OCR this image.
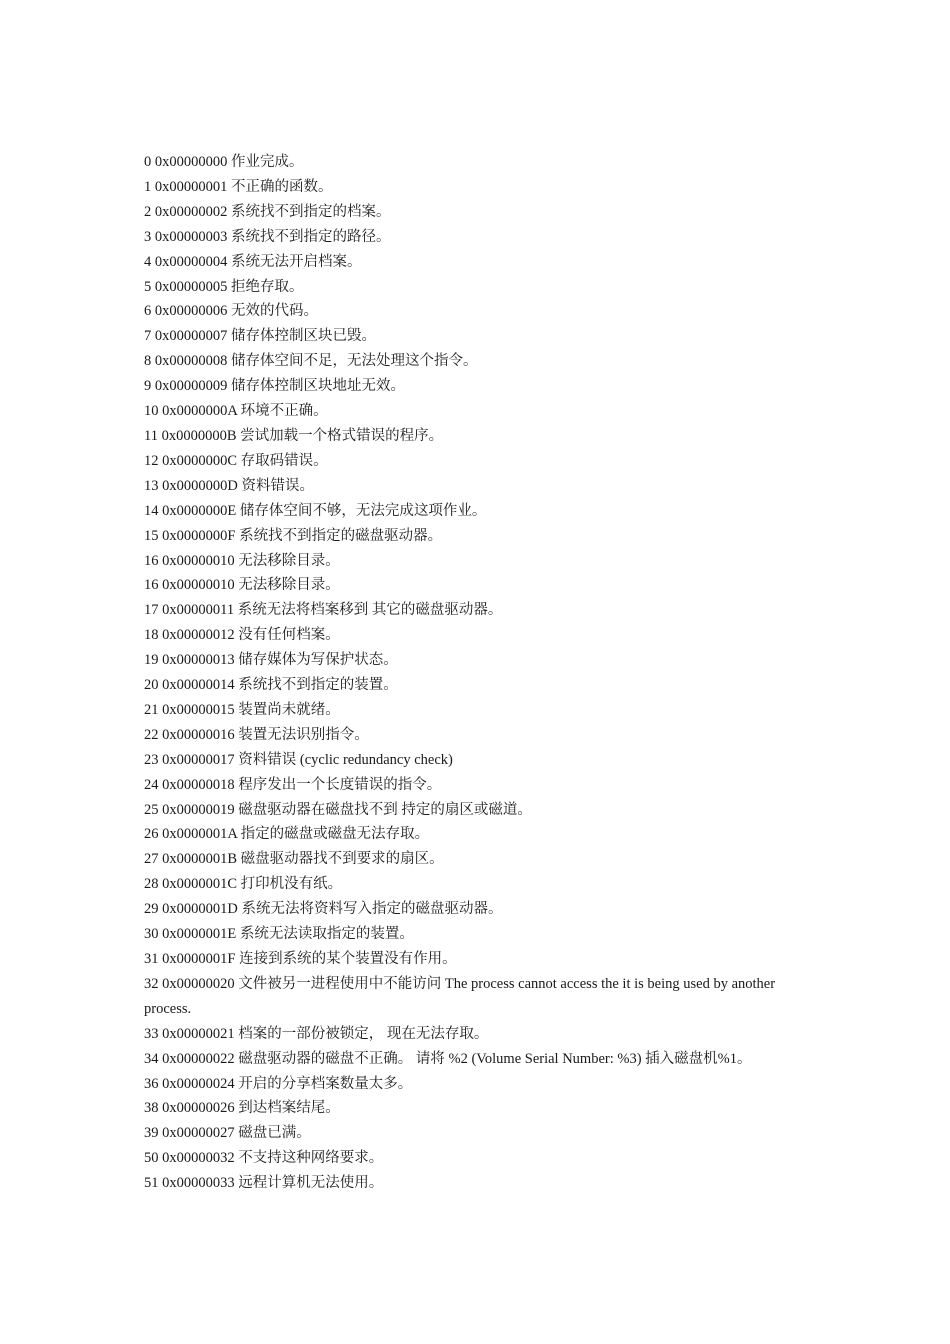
0 0x00000000 作业完成。

1 0x00000001 不正确的函数。

2 0x00000002 系统找不到指定的档案。

3 0x00000003 系统找不到指定的路径。

4 0x00000004 系统无法开启档案。

5 0x00000005 拒绝存取。

6 0x00000006 无效的代码。

7 0x00000007 储存体控制区块已毁。

8 0x00000008 储存体空间不足，无法处理这个指令。

9 0x00000009 储存体控制区块地址无效。

10 0x0000000A 环境不正确。

11 0x0000000B 尝试加载一个格式错误的程序。

12 0x0000000C 存取码错误。

13 0x0000000D 资料错误。

14 0x0000000E 储存体空间不够，无法完成这项作业。

15 0x0000000F 系统找不到指定的磁盘驱动器。

16 0x00000010 无法移除目录。

16 0x00000010 无法移除目录。

17 0x00000011 系统无法将档案移到 其它的磁盘驱动器。

18 0x00000012 没有任何档案。

19 0x00000013 储存媒体为写保护状态。

20 0x00000014 系统找不到指定的装置。

21 0x00000015 装置尚未就绪。

22 0x00000016 装置无法识别指令。

23 0x00000017 资料错误 (cyclic redundancy check)

24 0x00000018 程序发出一个长度错误的指令。

25 0x00000019 磁盘驱动器在磁盘找不到 持定的扇区或磁道。

26 0x0000001A 指定的磁盘或磁盘无法存取。

27 0x0000001B 磁盘驱动器找不到要求的扇区。

28 0x0000001C 打印机没有纸。

29 0x0000001D 系统无法将资料写入指定的磁盘驱动器。

30 0x0000001E 系统无法读取指定的装置。

31 0x0000001F 连接到系统的某个装置没有作用。

32 0x00000020 文件被另一进程使用中不能访问 The process cannot access the it is being used by another process.

33 0x00000021 档案的一部份被锁定， 现在无法存取。

34 0x00000022 磁盘驱动器的磁盘不正确。 请将 %2 (Volume Serial Number: %3) 插入磁盘机%1。

36 0x00000024 开启的分享档案数量太多。

38 0x00000026 到达档案结尾。

39 0x00000027 磁盘已满。

50 0x00000032 不支持这种网络要求。

51 0x00000033 远程计算机无法使用。
